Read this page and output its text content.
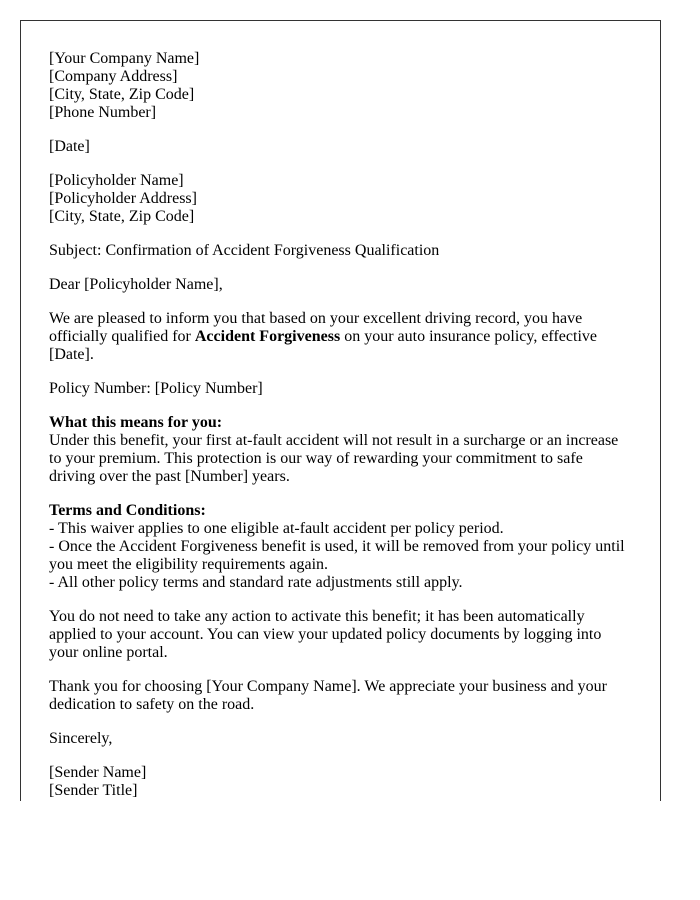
[Your Company Name]
[Company Address]
[City, State, Zip Code]
[Phone Number]

[Date]

[Policyholder Name]
[Policyholder Address]
[City, State, Zip Code]

Subject: Confirmation of Accident Forgiveness Qualification

Dear [Policyholder Name],

We are pleased to inform you that based on your excellent driving record, you have officially qualified for Accident Forgiveness on your auto insurance policy, effective [Date].

Policy Number: [Policy Number]

What this means for you:
Under this benefit, your first at-fault accident will not result in a surcharge or an increase to your premium. This protection is our way of rewarding your commitment to safe driving over the past [Number] years.

Terms and Conditions:
- This waiver applies to one eligible at-fault accident per policy period.
- Once the Accident Forgiveness benefit is used, it will be removed from your policy until you meet the eligibility requirements again.
- All other policy terms and standard rate adjustments still apply.

You do not need to take any action to activate this benefit; it has been automatically applied to your account. You can view your updated policy documents by logging into your online portal.

Thank you for choosing [Your Company Name]. We appreciate your business and your dedication to safety on the road.

Sincerely,

[Sender Name]
[Sender Title]
